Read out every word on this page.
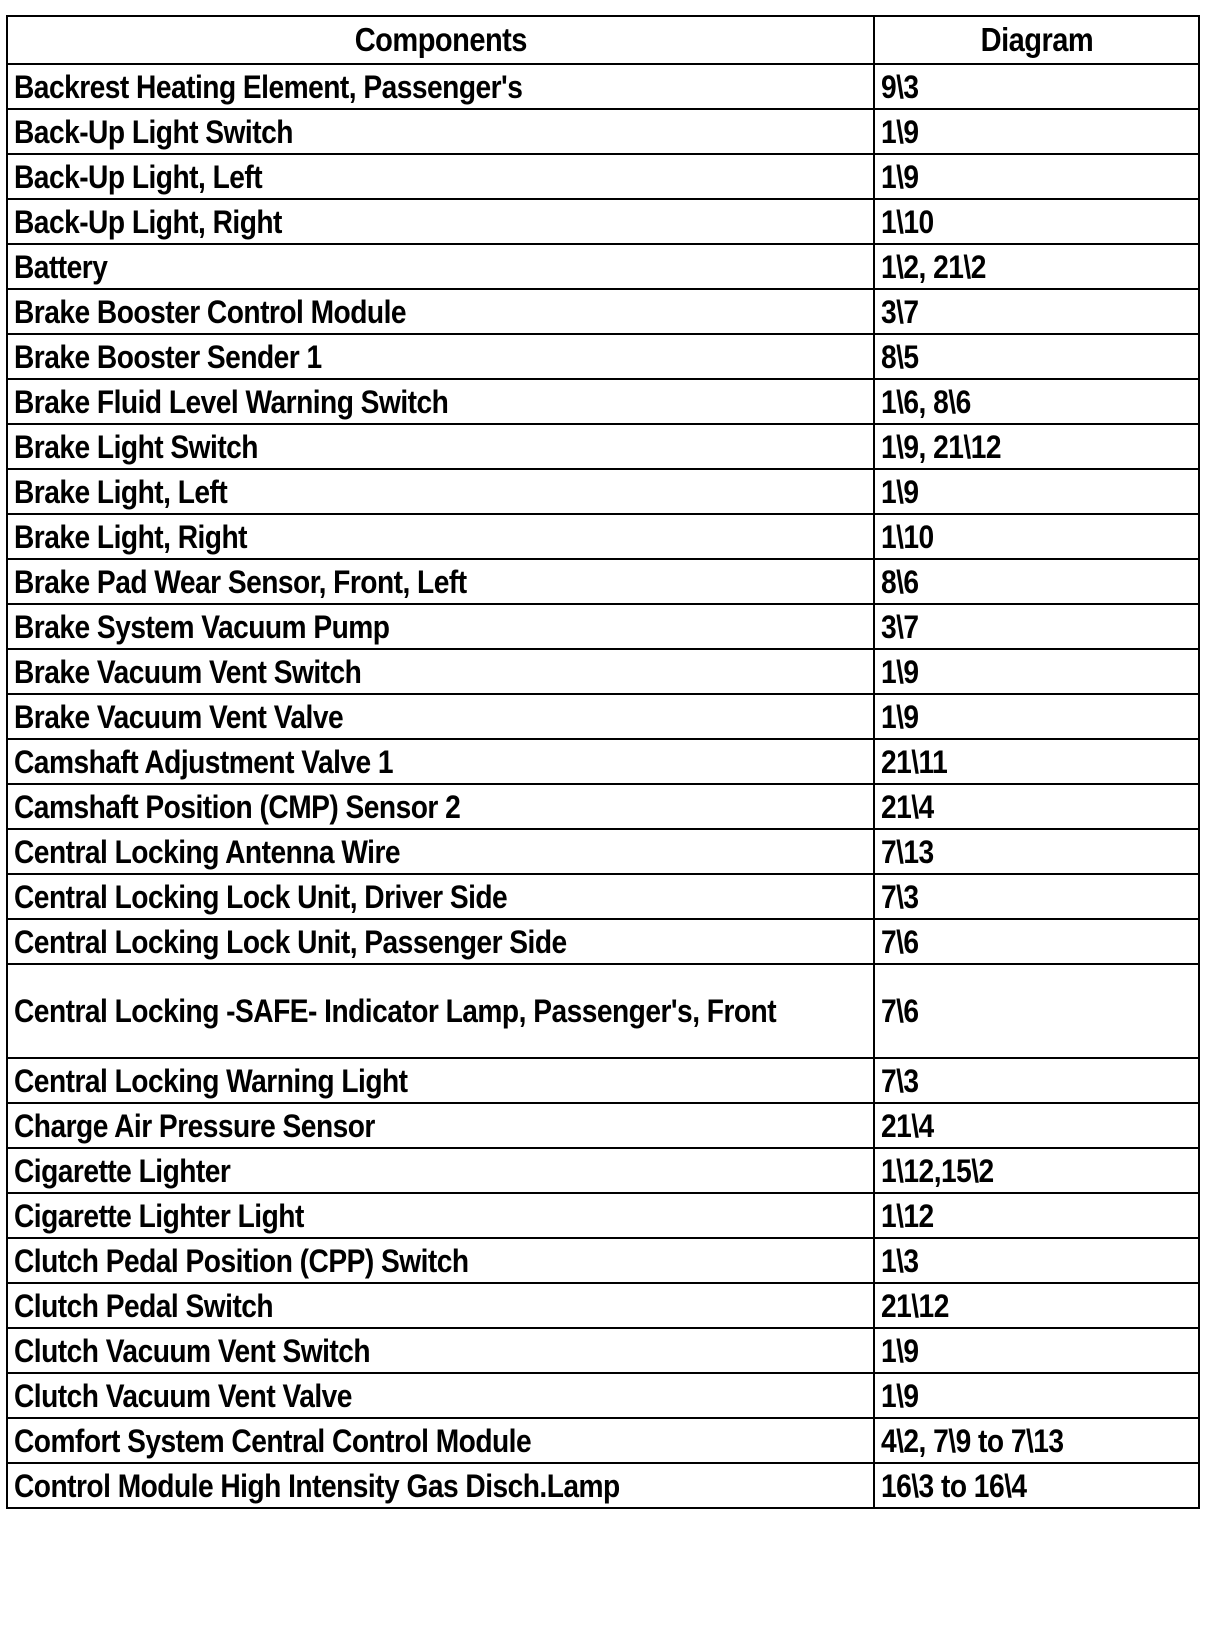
Components	Diagram
Backrest Heating Element, Passenger's	9\3
Back-Up Light Switch	1\9
Back-Up Light, Left	1\9
Back-Up Light, Right	1\10
Battery	1\2, 21\2
Brake Booster Control Module	3\7
Brake Booster Sender 1	8\5
Brake Fluid Level Warning Switch	1\6, 8\6
Brake Light Switch	1\9, 21\12
Brake Light, Left	1\9
Brake Light, Right	1\10
Brake Pad Wear Sensor, Front, Left	8\6
Brake System Vacuum Pump	3\7
Brake Vacuum Vent Switch	1\9
Brake Vacuum Vent Valve	1\9
Camshaft Adjustment Valve 1	21\11
Camshaft Position (CMP) Sensor 2	21\4
Central Locking Antenna Wire	7\13
Central Locking Lock Unit, Driver Side	7\3
Central Locking Lock Unit, Passenger Side	7\6
Central Locking -SAFE- Indicator Lamp, Passenger's, Front	7\6
Central Locking Warning Light	7\3
Charge Air Pressure Sensor	21\4
Cigarette Lighter	1\12,15\2
Cigarette Lighter Light	1\12
Clutch Pedal Position (CPP) Switch	1\3
Clutch Pedal Switch	21\12
Clutch Vacuum Vent Switch	1\9
Clutch Vacuum Vent Valve	1\9
Comfort System Central Control Module	4\2, 7\9 to 7\13
Control Module High Intensity Gas Disch.Lamp	16\3 to 16\4
